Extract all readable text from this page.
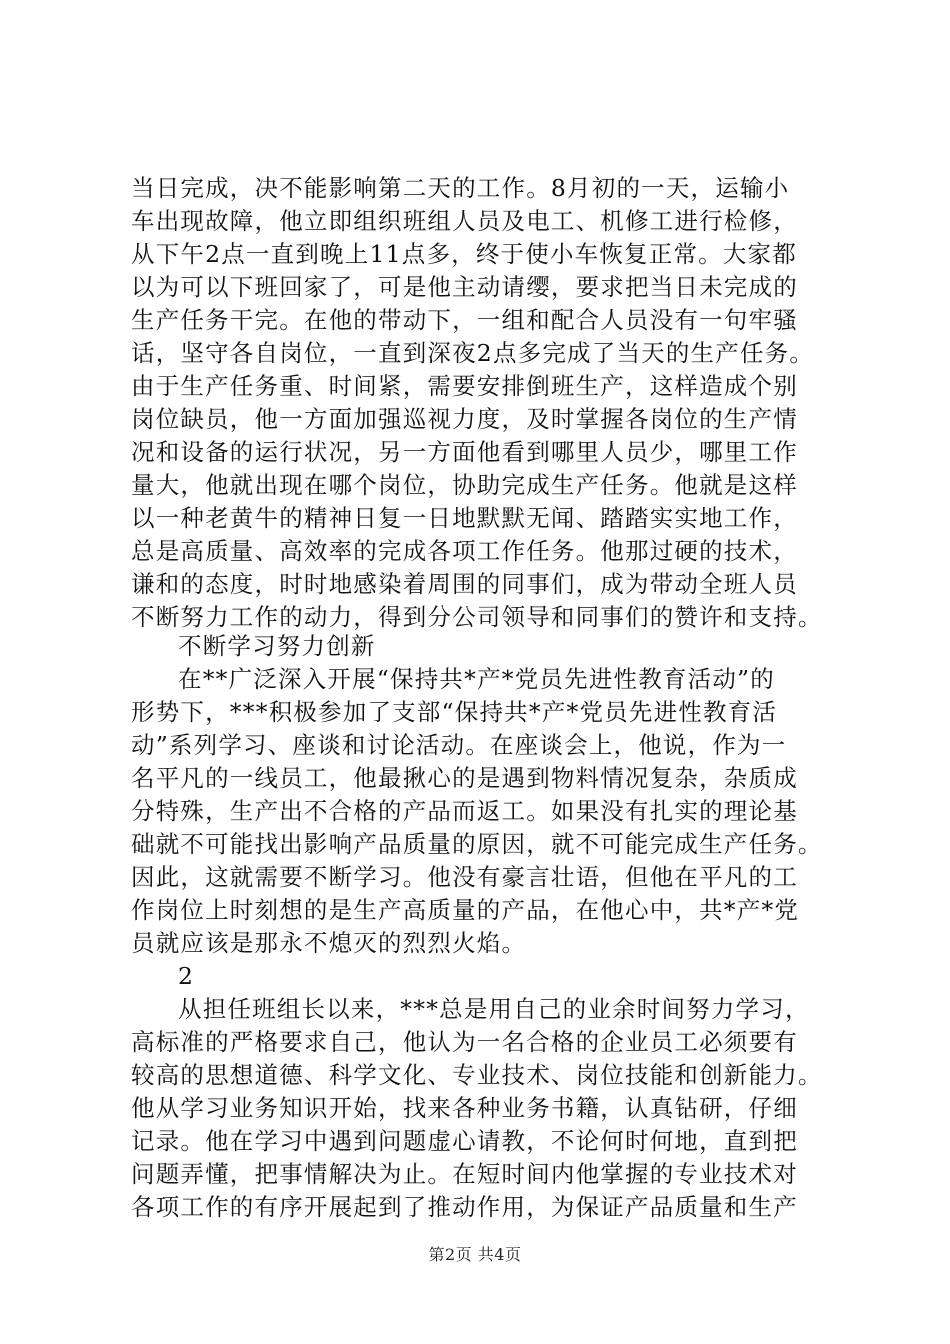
当日完成，决不能影响第二天的工作。8月初的一天，运输小
车出现故障，他立即组织班组人员及电工、机修工进行检修，
从下午2点一直到晚上11点多，终于使小车恢复正常。大家都
以为可以下班回家了，可是他主动请缨，要求把当日未完成的
生产任务干完。在他的带动下，一组和配合人员没有一句牢骚
话，坚守各自岗位，一直到深夜2点多完成了当天的生产任务。
由于生产任务重、时间紧，需要安排倒班生产，这样造成个别
岗位缺员，他一方面加强巡视力度，及时掌握各岗位的生产情
况和设备的运行状况，另一方面他看到哪里人员少，哪里工作
量大，他就出现在哪个岗位，协助完成生产任务。他就是这样
以一种老黄牛的精神日复一日地默默无闻、踏踏实实地工作，
总是高质量、高效率的完成各项工作任务。他那过硬的技术，
谦和的态度，时时地感染着周围的同事们，成为带动全班人员
不断努力工作的动力，得到分公司领导和同事们的赞许和支持。
不断学习努力创新
在**广泛深入开展“保持共*产*党员先进性教育活动”的
形势下，***积极参加了支部“保持共*产*党员先进性教育活
动”系列学习、座谈和讨论活动。在座谈会上，他说，作为一
名平凡的一线员工，他最揪心的是遇到物料情况复杂，杂质成
分特殊，生产出不合格的产品而返工。如果没有扎实的理论基
础就不可能找出影响产品质量的原因，就不可能完成生产任务。
因此，这就需要不断学习。他没有豪言壮语，但他在平凡的工
作岗位上时刻想的是生产高质量的产品，在他心中，共*产*党
员就应该是那永不熄灭的烈烈火焰。
2
从担任班组长以来，***总是用自己的业余时间努力学习，
高标准的严格要求自己，他认为一名合格的企业员工必须要有
较高的思想道德、科学文化、专业技术、岗位技能和创新能力。
他从学习业务知识开始，找来各种业务书籍，认真钻研，仔细
记录。他在学习中遇到问题虚心请教，不论何时何地，直到把
问题弄懂，把事情解决为止。在短时间内他掌握的专业技术对
各项工作的有序开展起到了推动作用，为保证产品质量和生产
第2页 共4页
